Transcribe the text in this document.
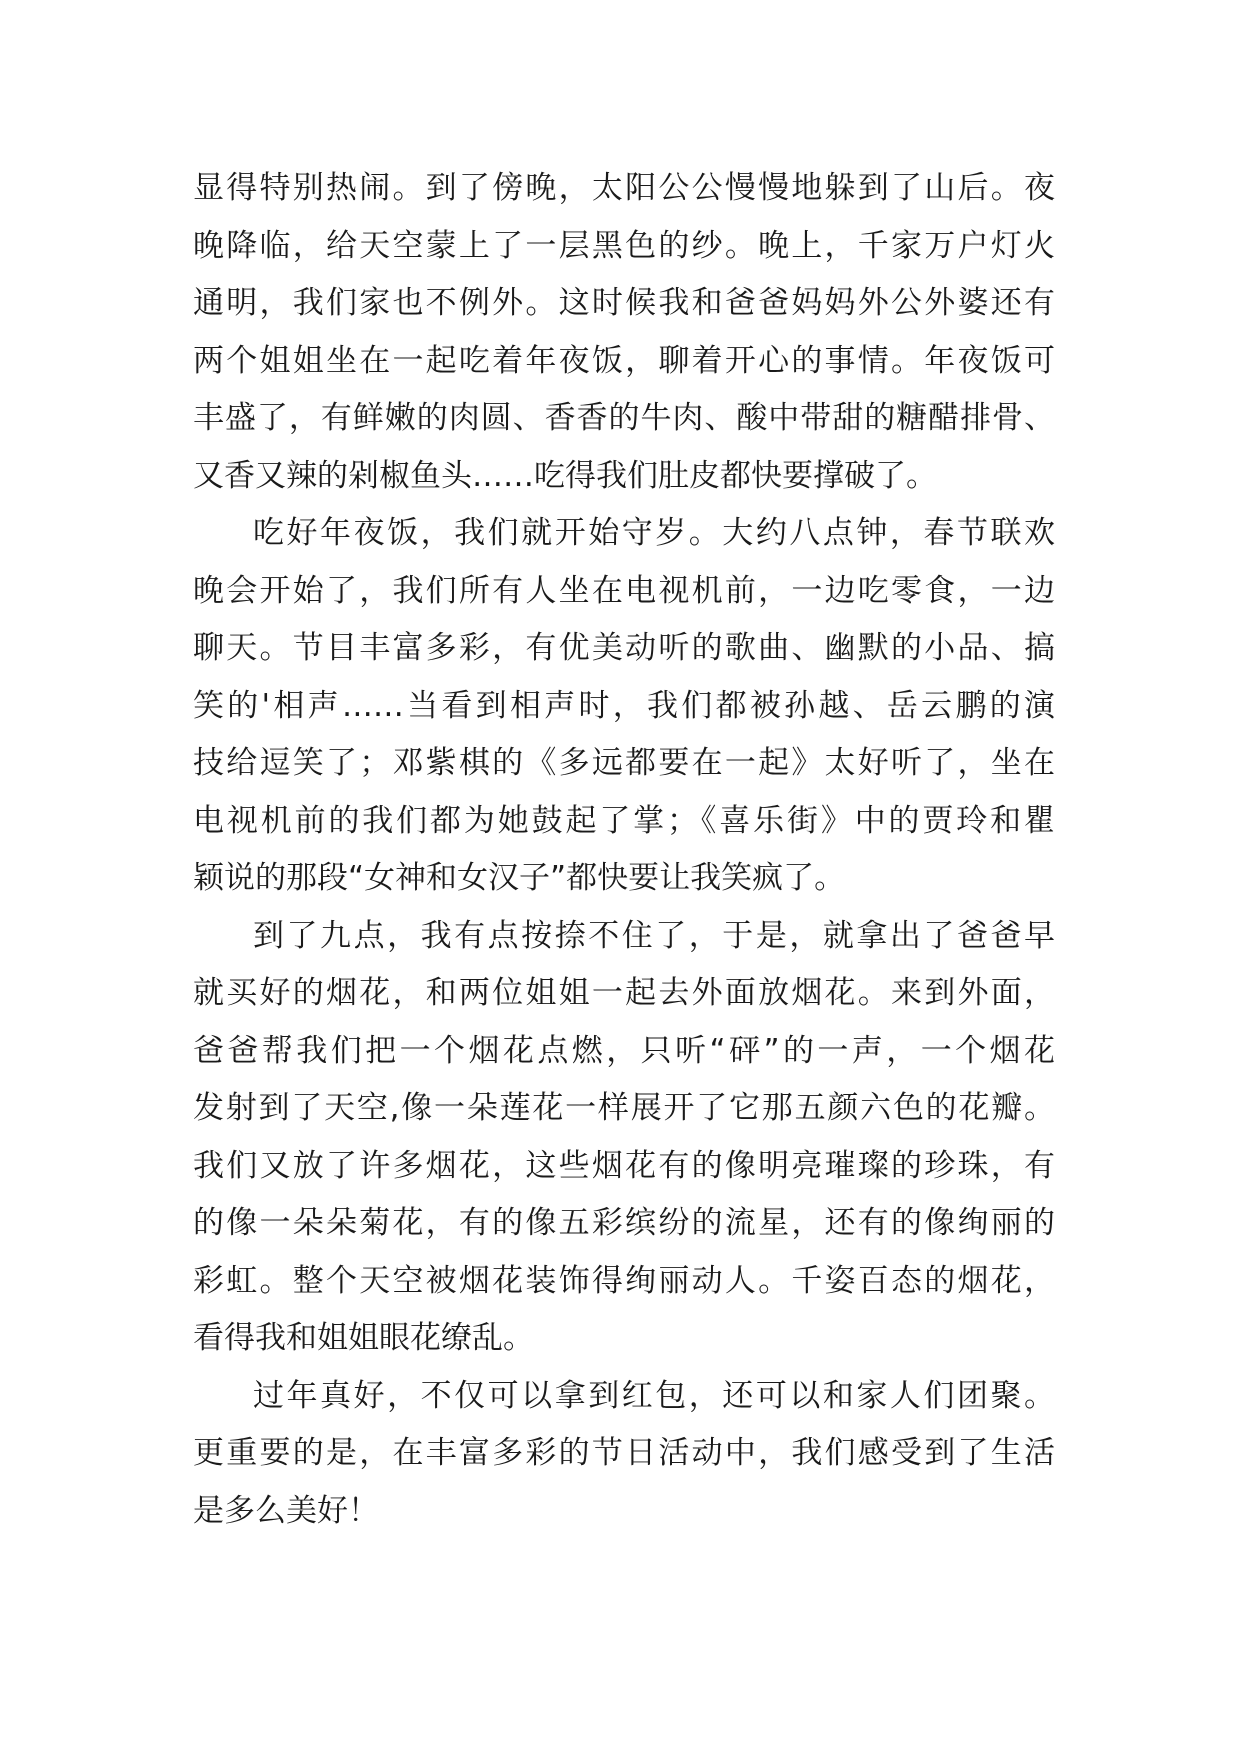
显得特别热闹。到了傍晚，太阳公公慢慢地躲到了山后。夜
晚降临，给天空蒙上了一层黑色的纱。晚上，千家万户灯火
通明，我们家也不例外。这时候我和爸爸妈妈外公外婆还有
两个姐姐坐在一起吃着年夜饭，聊着开心的事情。年夜饭可
丰盛了，有鲜嫩的肉圆、香香的牛肉、酸中带甜的糖醋排骨、
又香又辣的剁椒鱼头……吃得我们肚皮都快要撑破了。
吃好年夜饭，我们就开始守岁。大约八点钟，春节联欢
晚会开始了，我们所有人坐在电视机前，一边吃零食，一边
聊天。节目丰富多彩，有优美动听的歌曲、幽默的小品、搞
笑的'相声……当看到相声时，我们都被孙越、岳云鹏的演
技给逗笑了；邓紫棋的《多远都要在一起》太好听了，坐在
电视机前的我们都为她鼓起了掌；《喜乐街》中的贾玲和瞿
颖说的那段“女神和女汉子”都快要让我笑疯了。
到了九点，我有点按捺不住了，于是，就拿出了爸爸早
就买好的烟花，和两位姐姐一起去外面放烟花。来到外面，
爸爸帮我们把一个烟花点燃，只听“砰”的一声，一个烟花
发射到了天空,像一朵莲花一样展开了它那五颜六色的花瓣。
我们又放了许多烟花，这些烟花有的像明亮璀璨的珍珠，有
的像一朵朵菊花，有的像五彩缤纷的流星，还有的像绚丽的
彩虹。整个天空被烟花装饰得绚丽动人。千姿百态的烟花，
看得我和姐姐眼花缭乱。
过年真好，不仅可以拿到红包，还可以和家人们团聚。
更重要的是，在丰富多彩的节日活动中，我们感受到了生活
是多么美好！
